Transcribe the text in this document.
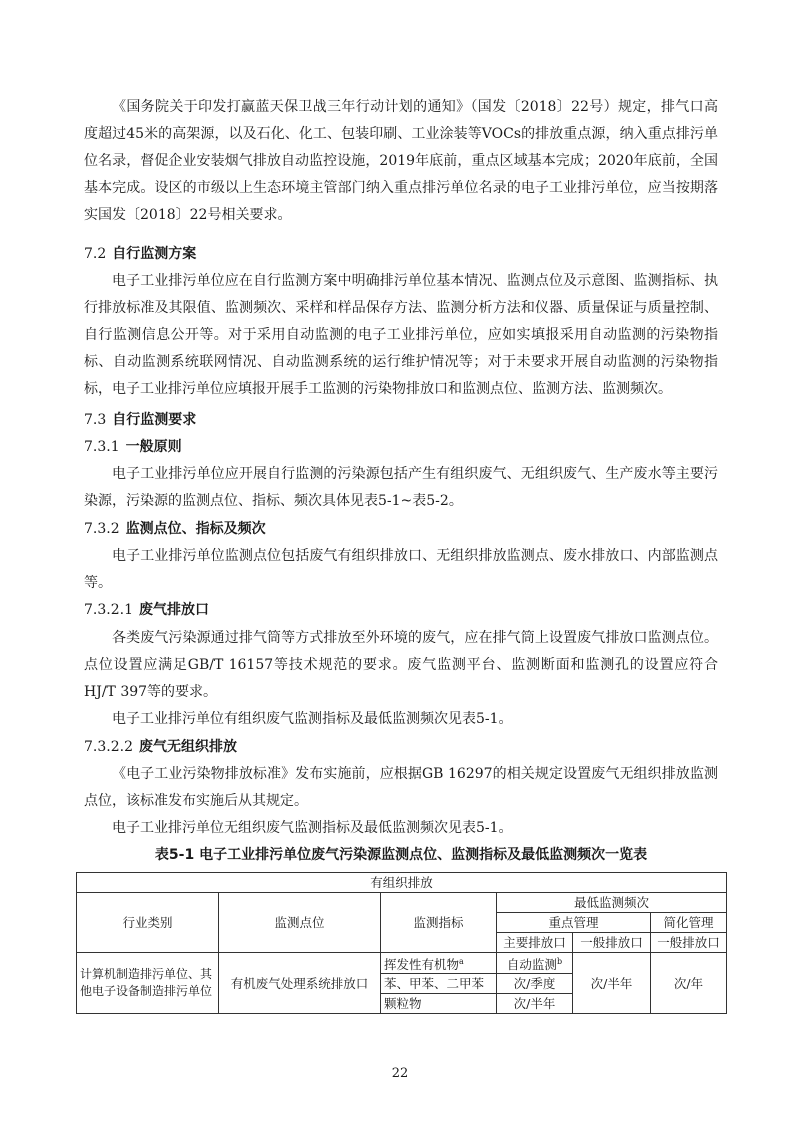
《国务院关于印发打赢蓝天保卫战三年行动计划的通知》（国发〔2018〕22号）规定，排气口高度超过45米的高架源，以及石化、化工、包装印刷、工业涂装等VOCs的排放重点源，纳入重点排污单位名录，督促企业安装烟气排放自动监控设施，2019年底前，重点区域基本完成；2020年底前，全国基本完成。设区的市级以上生态环境主管部门纳入重点排污单位名录的电子工业排污单位，应当按期落实国发〔2018〕22号相关要求。

7.2 自行监测方案

电子工业排污单位应在自行监测方案中明确排污单位基本情况、监测点位及示意图、监测指标、执行排放标准及其限值、监测频次、采样和样品保存方法、监测分析方法和仪器、质量保证与质量控制、自行监测信息公开等。对于采用自动监测的电子工业排污单位，应如实填报采用自动监测的污染物指标、自动监测系统联网情况、自动监测系统的运行维护情况等；对于未要求开展自动监测的污染物指标，电子工业排污单位应填报开展手工监测的污染物排放口和监测点位、监测方法、监测频次。

7.3 自行监测要求
7.3.1 一般原则

电子工业排污单位应开展自行监测的污染源包括产生有组织废气、无组织废气、生产废水等主要污染源，污染源的监测点位、指标、频次具体见表5-1~表5-2。

7.3.2 监测点位、指标及频次

电子工业排污单位监测点位包括废气有组织排放口、无组织排放监测点、废水排放口、内部监测点等。

7.3.2.1 废气排放口

各类废气污染源通过排气筒等方式排放至外环境的废气，应在排气筒上设置废气排放口监测点位。点位设置应满足GB/T 16157等技术规范的要求。废气监测平台、监测断面和监测孔的设置应符合HJ/T 397等的要求。

电子工业排污单位有组织废气监测指标及最低监测频次见表5-1。

7.3.2.2 废气无组织排放

《电子工业污染物排放标准》发布实施前，应根据GB 16297的相关规定设置废气无组织排放监测点位，该标准发布实施后从其规定。

电子工业排污单位无组织废气监测指标及最低监测频次见表5-1。

表5-1 电子工业排污单位废气污染源监测点位、监测指标及最低监测频次一览表
有组织排放					
行业类别	监测点位	监测指标	最低监测频次		
			重点管理		简化管理
			主要排放口	一般排放口	一般排放口
计算机制造排污单位、其他电子设备制造排污单位	有机废气处理系统排放口	挥发性有机物$^a$	自动监测$^b$	次/半年	次/年
		苯、甲苯、二甲苯	次/季度		
		颗粒物	次/半年		
22
